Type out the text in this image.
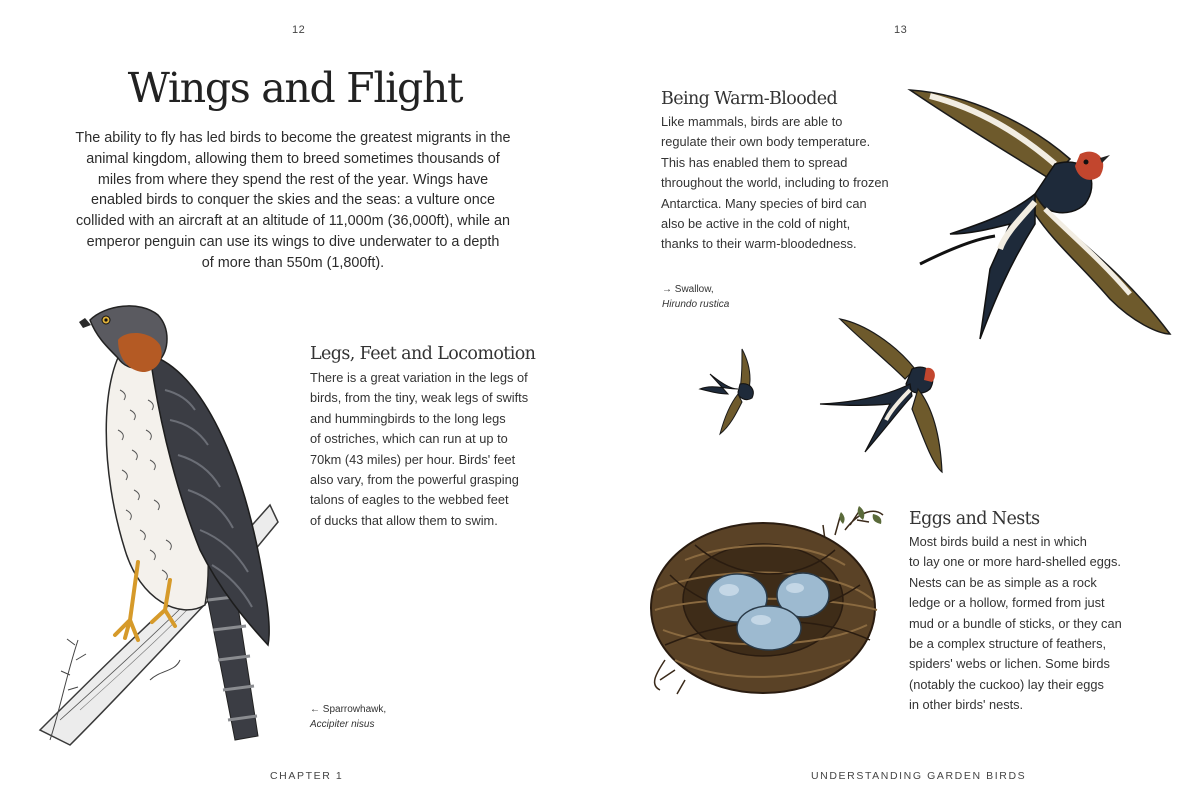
12
Wings and Flight
The ability to fly has led birds to become the greatest migrants in the
animal kingdom, allowing them to breed sometimes thousands of
miles from where they spend the rest of the year. Wings have
enabled birds to conquer the skies and the seas: a vulture once
collided with an aircraft at an altitude of 11,000m (36,000ft), while an
emperor penguin can use its wings to dive underwater to a depth
of more than 550m (1,800ft).
Legs, Feet and Locomotion
There is a great variation in the legs of
birds, from the tiny, weak legs of swifts
and hummingbirds to the long legs
of ostriches, which can run at up to
70km (43 miles) per hour. Birds' feet
also vary, from the powerful grasping
talons of eagles to the webbed feet
of ducks that allow them to swim.
← Sparrowhawk,
Accipiter nisus
CHAPTER 1
13
Being Warm-Blooded
Like mammals, birds are able to
regulate their own body temperature.
This has enabled them to spread
throughout the world, including to frozen
Antarctica. Many species of bird can
also be active in the cold of night,
thanks to their warm-bloodedness.
→ Swallow,
Hirundo rustica
Eggs and Nests
Most birds build a nest in which
to lay one or more hard-shelled eggs.
Nests can be as simple as a rock
ledge or a hollow, formed from just
mud or a bundle of sticks, or they can
be a complex structure of feathers,
spiders' webs or lichen. Some birds
(notably the cuckoo) lay their eggs
in other birds' nests.
UNDERSTANDING GARDEN BIRDS
